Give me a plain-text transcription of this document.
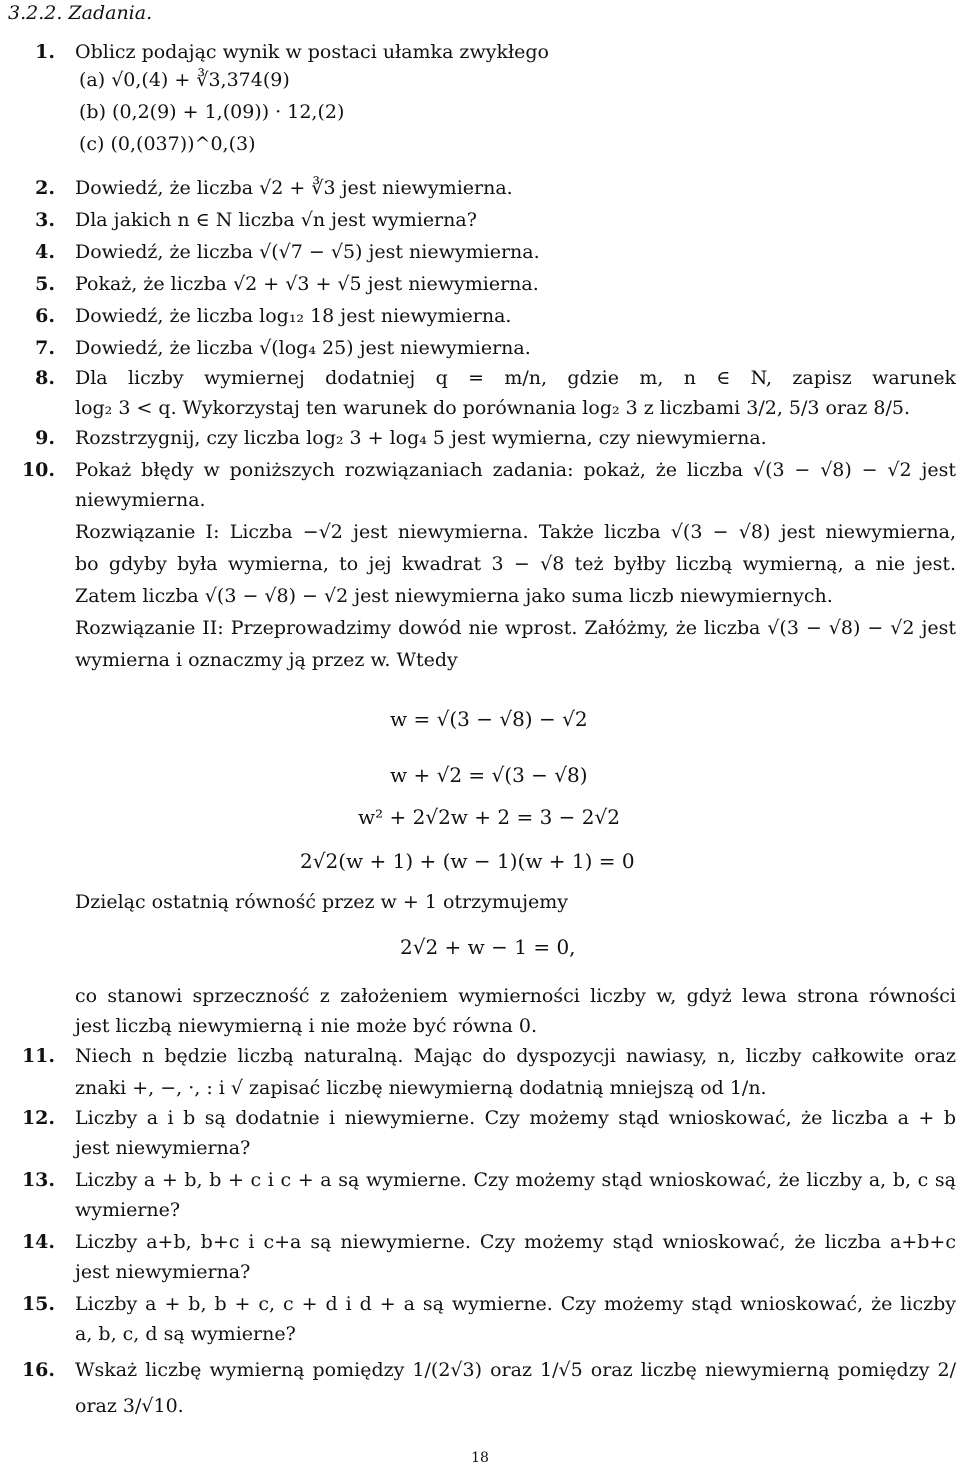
3.2.2. Zadania.
1. Oblicz podając wynik w postaci ułamka zwykłego
(a) √0,(4) + ∛3,374(9)
(b) (0,2(9) + 1,(09)) · 12,(2)
(c) (0,(037))^0,(3)
2. Dowiedź, że liczba √2 + ∛3 jest niewymierna.
3. Dla jakich n ∈ N liczba √n jest wymierna?
4. Dowiedź, że liczba √(√7 − √5) jest niewymierna.
5. Pokaż, że liczba √2 + √3 + √5 jest niewymierna.
6. Dowiedź, że liczba log₁₂ 18 jest niewymierna.
7. Dowiedź, że liczba √(log₄ 25) jest niewymierna.
8. Dla liczby wymiernej dodatniej q = m/n, gdzie m, n ∈ N, zapisz warunek
log₂ 3 < q. Wykorzystaj ten warunek do porównania log₂ 3 z liczbami 3/2, 5/3 oraz 8/5.
9. Rozstrzygnij, czy liczba log₂ 3 + log₄ 5 jest wymierna, czy niewymierna.
10. Pokaż błędy w poniższych rozwiązaniach zadania: pokaż, że liczba √(3 − √8) − √2 jest
niewymierna.
Rozwiązanie I: Liczba −√2 jest niewymierna. Także liczba √(3 − √8) jest niewymierna,
bo gdyby była wymierna, to jej kwadrat 3 − √8 też byłby liczbą wymierną, a nie jest.
Zatem liczba √(3 − √8) − √2 jest niewymierna jako suma liczb niewymiernych.
Rozwiązanie II: Przeprowadzimy dowód nie wprost. Załóżmy, że liczba √(3 − √8) − √2 jest
wymierna i oznaczmy ją przez w. Wtedy
w = √(3 − √8) − √2
w + √2 = √(3 − √8)
w² + 2√2w + 2 = 3 − 2√2
2√2(w + 1) + (w − 1)(w + 1) = 0
Dzieląc ostatnią równość przez w + 1 otrzymujemy
2√2 + w − 1 = 0,
co stanowi sprzeczność z założeniem wymierności liczby w, gdyż lewa strona równości
jest liczbą niewymierną i nie może być równa 0.
11. Niech n będzie liczbą naturalną. Mając do dyspozycji nawiasy, n, liczby całkowite oraz
znaki +, −, ·, : i √ zapisać liczbę niewymierną dodatnią mniejszą od 1/n.
12. Liczby a i b są dodatnie i niewymierne. Czy możemy stąd wnioskować, że liczba a + b
jest niewymierna?
13. Liczby a + b, b + c i c + a są wymierne. Czy możemy stąd wnioskować, że liczby a, b, c są
wymierne?
14. Liczby a+b, b+c i c+a są niewymierne. Czy możemy stąd wnioskować, że liczba a+b+c
jest niewymierna?
15. Liczby a + b, b + c, c + d i d + a są wymierne. Czy możemy stąd wnioskować, że liczby
a, b, c, d są wymierne?
16. Wskaż liczbę wymierną pomiędzy 1/(2√3) oraz 1/√5 oraz liczbę niewymierną pomiędzy 2/
oraz 3/√10.
18
